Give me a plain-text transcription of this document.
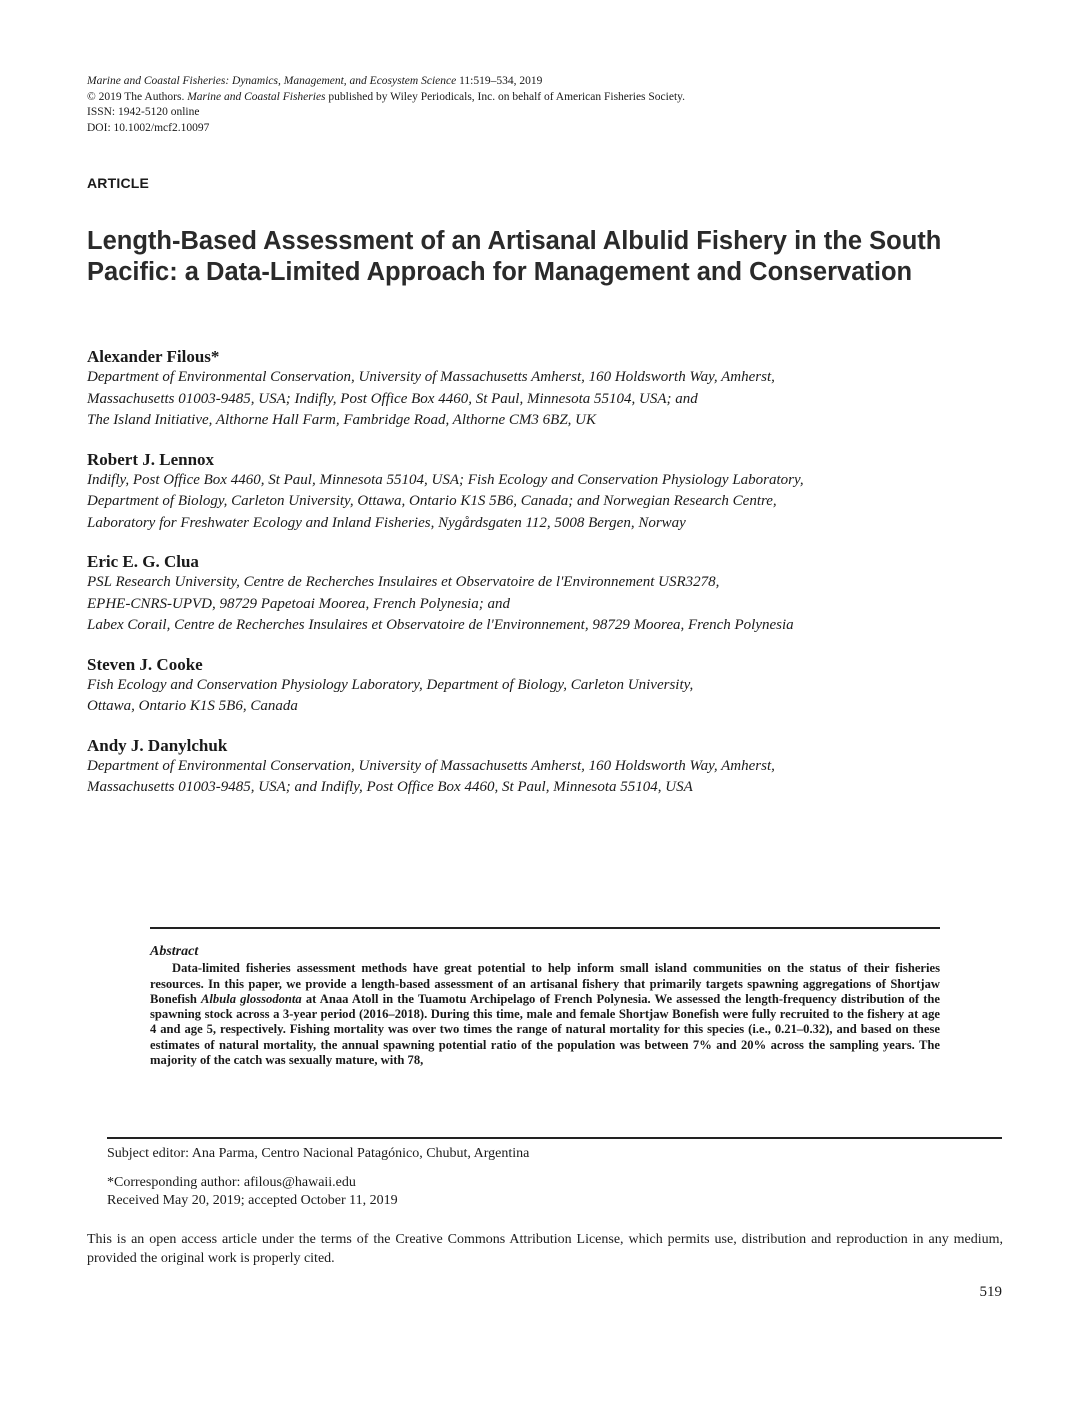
Marine and Coastal Fisheries: Dynamics, Management, and Ecosystem Science 11:519–534, 2019
© 2019 The Authors. Marine and Coastal Fisheries published by Wiley Periodicals, Inc. on behalf of American Fisheries Society.
ISSN: 1942-5120 online
DOI: 10.1002/mcf2.10097
ARTICLE
Length-Based Assessment of an Artisanal Albulid Fishery in the South Pacific: a Data-Limited Approach for Management and Conservation
Alexander Filous*
Department of Environmental Conservation, University of Massachusetts Amherst, 160 Holdsworth Way, Amherst,
Massachusetts 01003-9485, USA; Indifly, Post Office Box 4460, St Paul, Minnesota 55104, USA; and
The Island Initiative, Althorne Hall Farm, Fambridge Road, Althorne CM3 6BZ, UK
Robert J. Lennox
Indifly, Post Office Box 4460, St Paul, Minnesota 55104, USA; Fish Ecology and Conservation Physiology Laboratory,
Department of Biology, Carleton University, Ottawa, Ontario K1S 5B6, Canada; and Norwegian Research Centre,
Laboratory for Freshwater Ecology and Inland Fisheries, Nygårdsgaten 112, 5008 Bergen, Norway
Eric E. G. Clua
PSL Research University, Centre de Recherches Insulaires et Observatoire de l'Environnement USR3278,
EPHE-CNRS-UPVD, 98729 Papetoai Moorea, French Polynesia; and
Labex Corail, Centre de Recherches Insulaires et Observatoire de l'Environnement, 98729 Moorea, French Polynesia
Steven J. Cooke
Fish Ecology and Conservation Physiology Laboratory, Department of Biology, Carleton University,
Ottawa, Ontario K1S 5B6, Canada
Andy J. Danylchuk
Department of Environmental Conservation, University of Massachusetts Amherst, 160 Holdsworth Way, Amherst,
Massachusetts 01003-9485, USA; and Indifly, Post Office Box 4460, St Paul, Minnesota 55104, USA
Abstract

Data-limited fisheries assessment methods have great potential to help inform small island communities on the status of their fisheries resources. In this paper, we provide a length-based assessment of an artisanal fishery that primarily targets spawning aggregations of Shortjaw Bonefish Albula glossodonta at Anaa Atoll in the Tuamotu Archipelago of French Polynesia. We assessed the length-frequency distribution of the spawning stock across a 3-year period (2016–2018). During this time, male and female Shortjaw Bonefish were fully recruited to the fishery at age 4 and age 5, respectively. Fishing mortality was over two times the range of natural mortality for this species (i.e., 0.21–0.32), and based on these estimates of natural mortality, the annual spawning potential ratio of the population was between 7% and 20% across the sampling years. The majority of the catch was sexually mature, with 78,

Subject editor: Ana Parma, Centro Nacional Patagónico, Chubut, Argentina
*Corresponding author: afilous@hawaii.edu
Received May 20, 2019; accepted October 11, 2019
This is an open access article under the terms of the Creative Commons Attribution License, which permits use, distribution and reproduction in any medium, provided the original work is properly cited.
519
